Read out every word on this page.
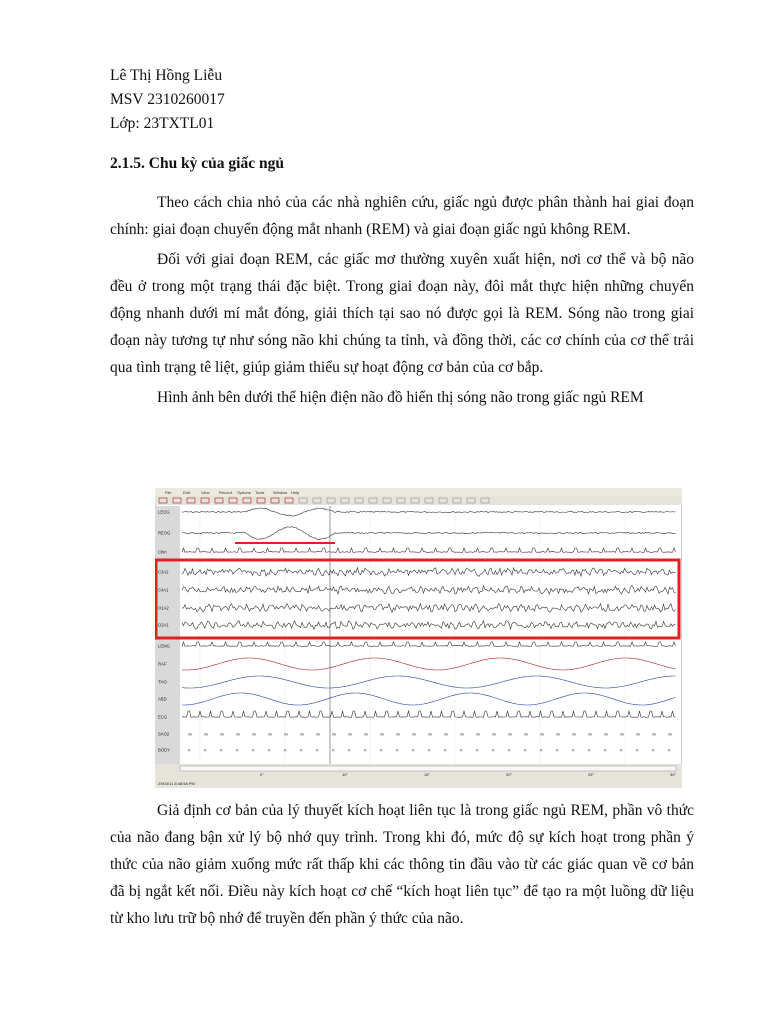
Lê Thị Hồng Liễu

MSV 2310260017

Lớp: 23TXTL01

2.1.5. Chu kỳ của giấc ngủ

Theo cách chia nhỏ của các nhà nghiên cứu, giấc ngủ được phân thành hai giai đoạn chính: giai đoạn chuyển động mắt nhanh (REM) và giai đoạn giấc ngủ không REM.

Đối với giai đoạn REM, các giấc mơ thường xuyên xuất hiện, nơi cơ thể và bộ não đều ở trong một trạng thái đặc biệt. Trong giai đoạn này, đôi mắt thực hiện những chuyển động nhanh dưới mí mắt đóng, giải thích tại sao nó được gọi là REM. Sóng não trong giai đoạn này tương tự như sóng não khi chúng ta tỉnh, và đồng thời, các cơ chính của cơ thể trải qua tình trạng tê liệt, giúp giảm thiểu sự hoạt động cơ bản của cơ bắp.

Hình ảnh bên dưới thể hiện điện não đồ hiển thị sóng não trong giấc ngủ REM

File	Edit	View Record Options Tools Window Help
LEOG
REOG
Chin
C3A2
C4A1
O1A2
O2A1
LEMG
RAF
THO
ABD
ECG
SAO2	96	96	96	96	96	96	96	96	96	96	96	96	96	96	96	96	96	96	96	96	96	96	96	96	96	96	96	96	96	96	96
BODY	R	R	R	R	R	R	R	R	R	R	R	R	R	R	R	R	R	R	R	R	R	R	R	R	R	R	R	R	R	R	R
0"	10"	15"	20"	25"	30"
29/03/11 8:48:58 PM

Giả định cơ bản của lý thuyết kích hoạt liên tục là trong giấc ngủ REM, phần vô thức của não đang bận xử lý bộ nhớ quy trình. Trong khi đó, mức độ sự kích hoạt trong phần ý thức của não giảm xuống mức rất thấp khi các thông tin đầu vào từ các giác quan về cơ bản đã bị ngắt kết nối. Điều này kích hoạt cơ chế “kích hoạt liên tục” để tạo ra một luồng dữ liệu từ kho lưu trữ bộ nhớ để truyền đến phần ý thức của não.
